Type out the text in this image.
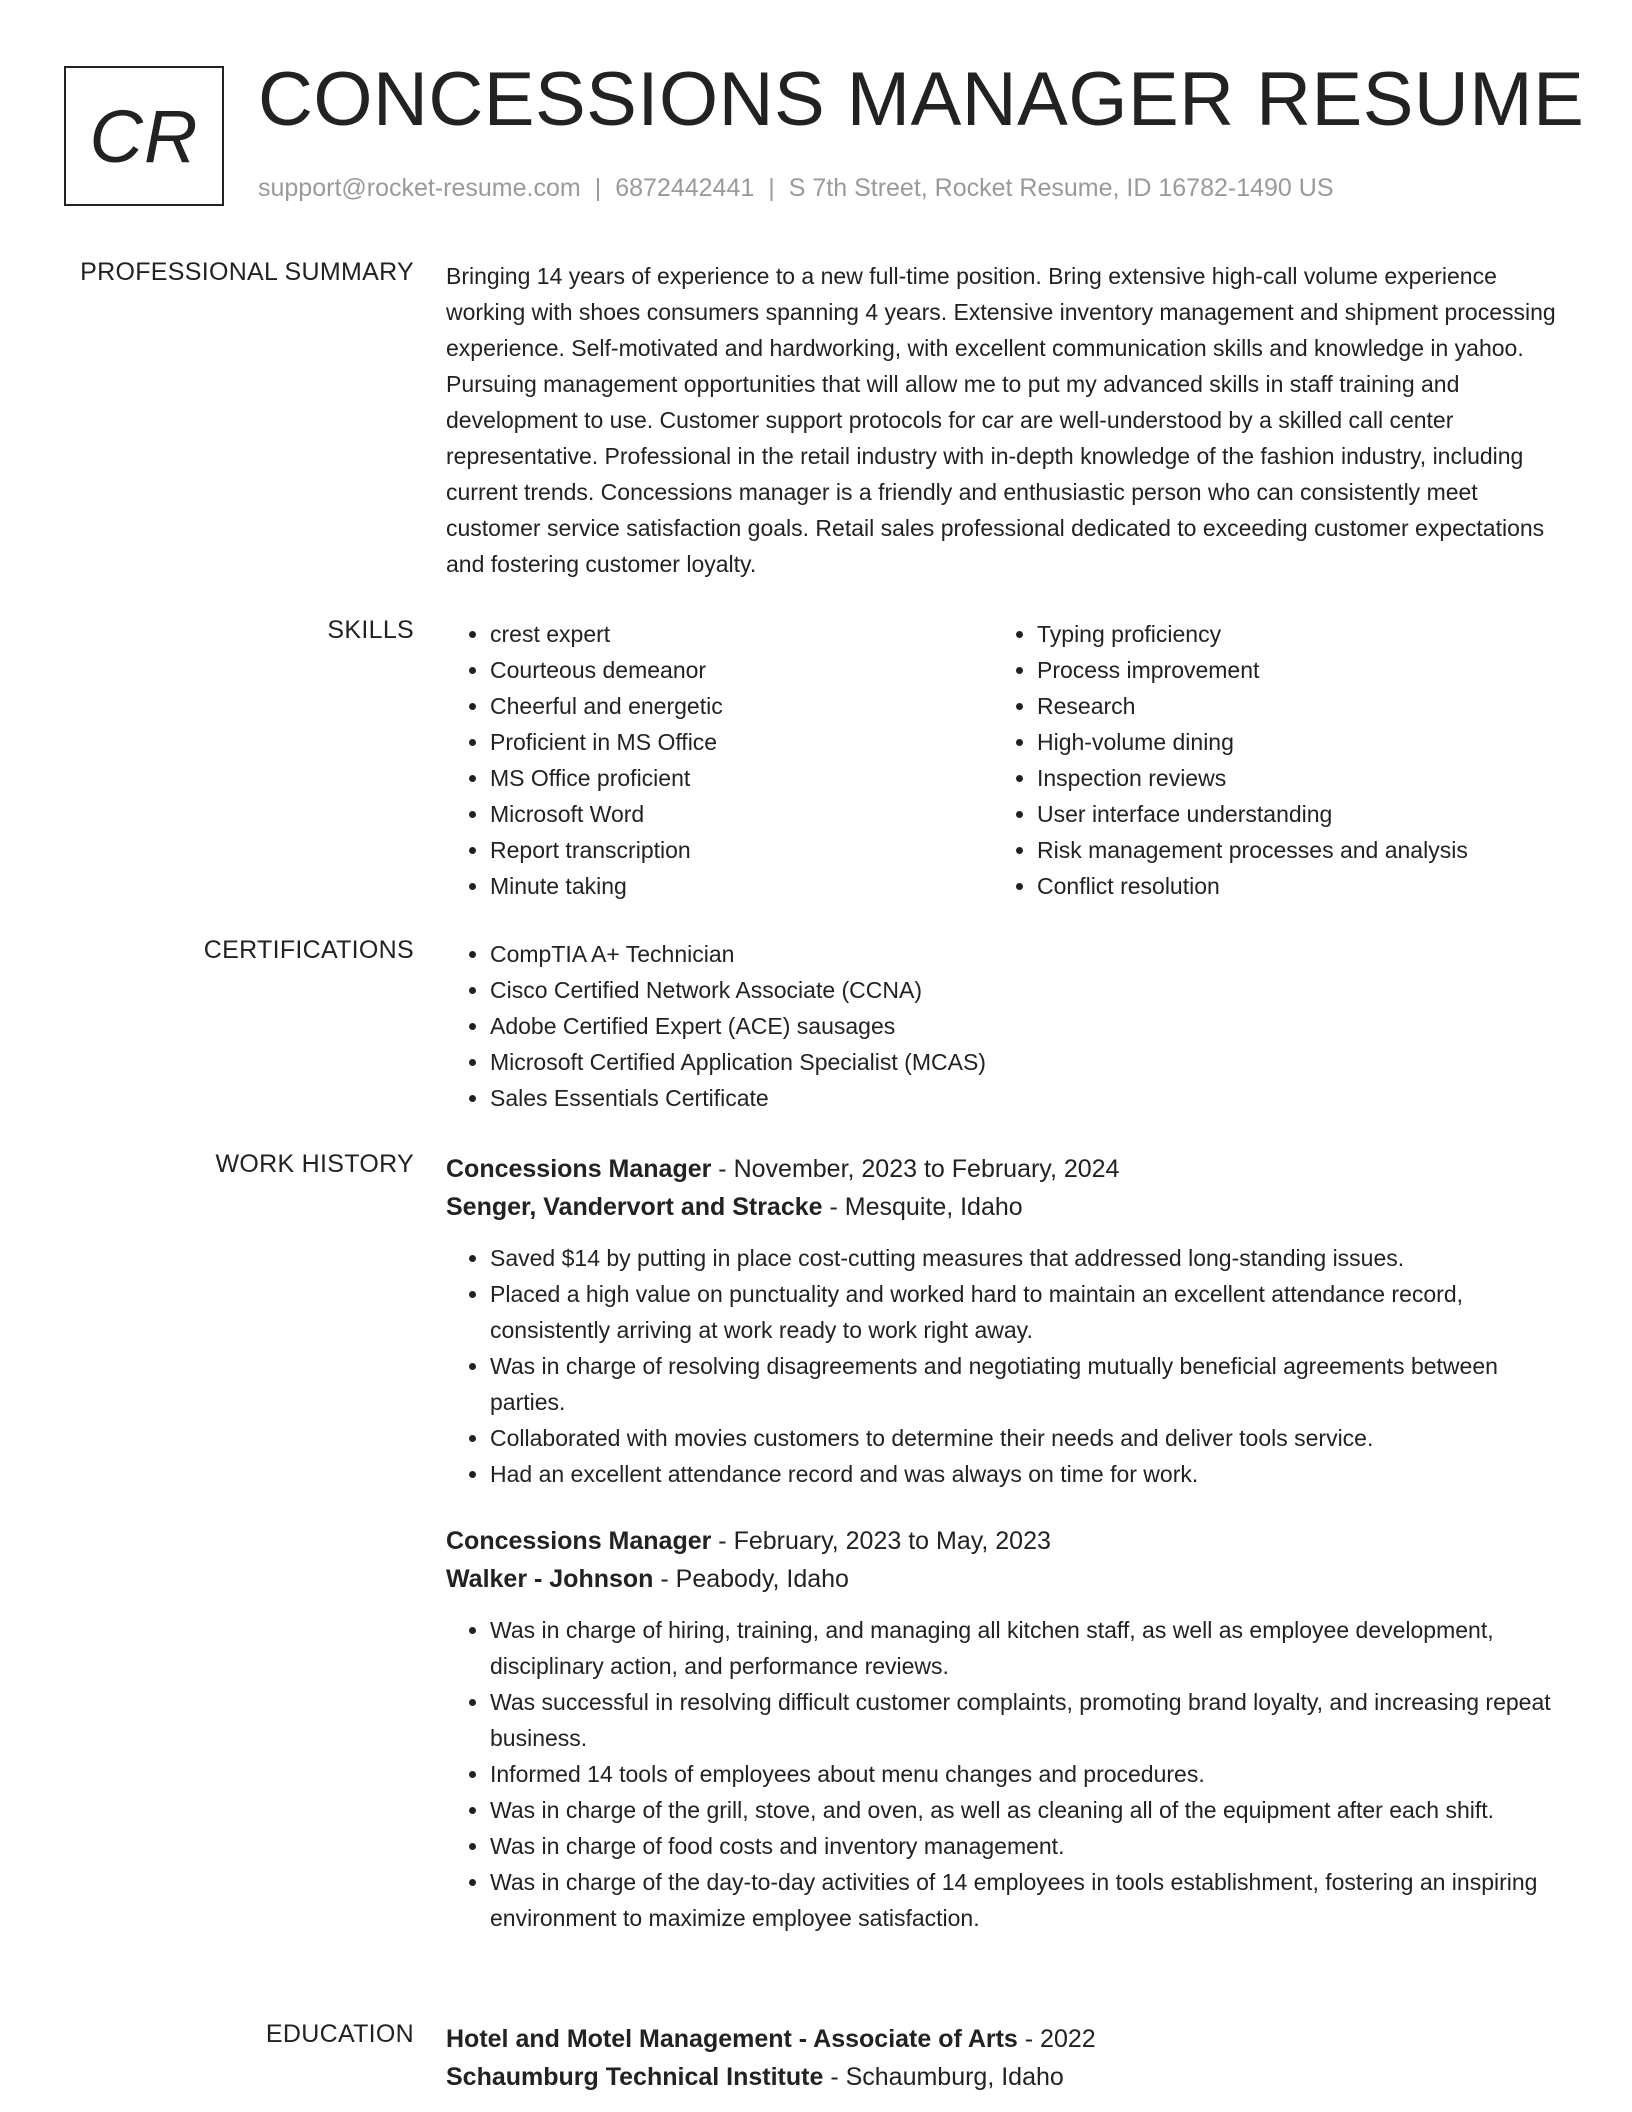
CR CONCESSIONS MANAGER RESUME
support@rocket-resume.com | 6872442441 | S 7th Street, Rocket Resume, ID 16782-1490 US
PROFESSIONAL SUMMARY Bringing 14 years of experience to a new full-time position. Bring extensive high-call volume experience working with shoes consumers spanning 4 years. Extensive inventory management and shipment processing experience. Self-motivated and hardworking, with excellent communication skills and knowledge in yahoo. Pursuing management opportunities that will allow me to put my advanced skills in staff training and development to use. Customer support protocols for car are well-understood by a skilled call center representative. Professional in the retail industry with in-depth knowledge of the fashion industry, including current trends. Concessions manager is a friendly and enthusiastic person who can consistently meet customer service satisfaction goals. Retail sales professional dedicated to exceeding customer expectations and fostering customer loyalty.

SKILLS	• crest expert
• Courteous demeanor
• Cheerful and energetic
• Proficient in MS Office
• MS Office proficient
• Microsoft Word
• Report transcription
• Minute taking
• Typing proficiency
• Process improvement
• Research
• High-volume dining
• Inspection reviews
• User interface understanding
• Risk management processes and analysis
• Conflict resolution
CERTIFICATIONS	• CompTIA A+ Technician
• Cisco Certified Network Associate (CCNA)
• Adobe Certified Expert (ACE) sausages
• Microsoft Certified Application Specialist (MCAS)
• Sales Essentials Certificate
WORK HISTORY Concessions Manager - November, 2023 to February, 2024
Senger, Vandervort and Stracke - Mesquite, Idaho
• Saved $14 by putting in place cost-cutting measures that addressed long-standing issues.
• Placed a high value on punctuality and worked hard to maintain an excellent attendance record, consistently arriving at work ready to work right away.
• Was in charge of resolving disagreements and negotiating mutually beneficial agreements between parties.
• Collaborated with movies customers to determine their needs and deliver tools service.
• Had an excellent attendance record and was always on time for work.
Concessions Manager - February, 2023 to May, 2023
Walker - Johnson - Peabody, Idaho
• Was in charge of hiring, training, and managing all kitchen staff, as well as employee development, disciplinary action, and performance reviews.
• Was successful in resolving difficult customer complaints, promoting brand loyalty, and increasing repeat business.
• Informed 14 tools of employees about menu changes and procedures.
• Was in charge of the grill, stove, and oven, as well as cleaning all of the equipment after each shift.
• Was in charge of food costs and inventory management.
• Was in charge of the day-to-day activities of 14 employees in tools establishment, fostering an inspiring environment to maximize employee satisfaction.
EDUCATION Hotel and Motel Management - Associate of Arts - 2022
Schaumburg Technical Institute - Schaumburg, Idaho
